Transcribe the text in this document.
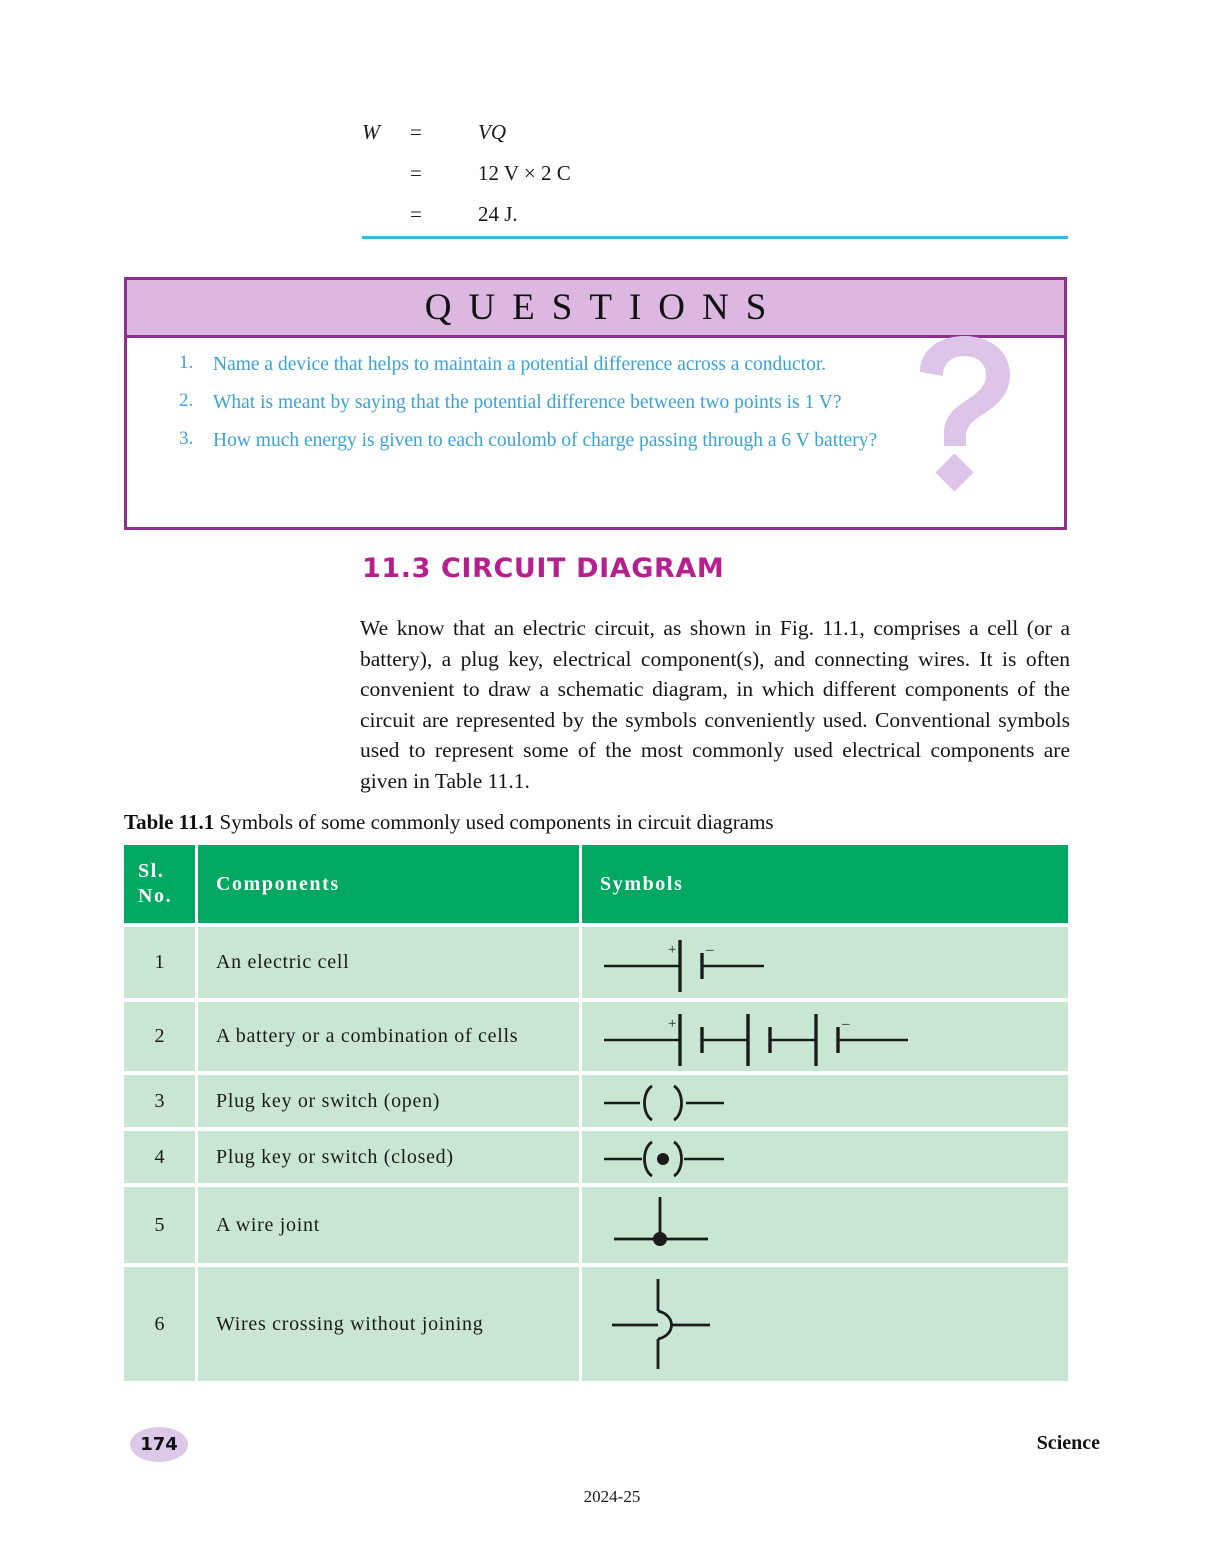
W	=	VQ
=	12 V × 2 C
=	24 J.
QUESTIONS
1.	Name a device that helps to maintain a potential difference across a conductor.
2.	What is meant by saying that the potential difference between two points is 1 V?
3.	How much energy is given to each coulomb of charge passing through a 6 V battery?
11.3 CIRCUIT DIAGRAM
We know that an electric circuit, as shown in Fig. 11.1, comprises a cell (or a battery), a plug key, electrical component(s), and connecting wires. It is often convenient to draw a schematic diagram, in which different components of the circuit are represented by the symbols conveniently used. Conventional symbols used to represent some of the most commonly used electrical components are given in Table 11.1.
Table 11.1 Symbols of some commonly used components in circuit diagrams
Sl. No.	Components	Symbols
1	An electric cell	+ –

2	A battery or a combination of cells	+ –

3	Plug key or switch (open)	

4	Plug key or switch (closed)	

5	A wire joint	

6	Wires crossing without joining	
174	Science
2024-25
